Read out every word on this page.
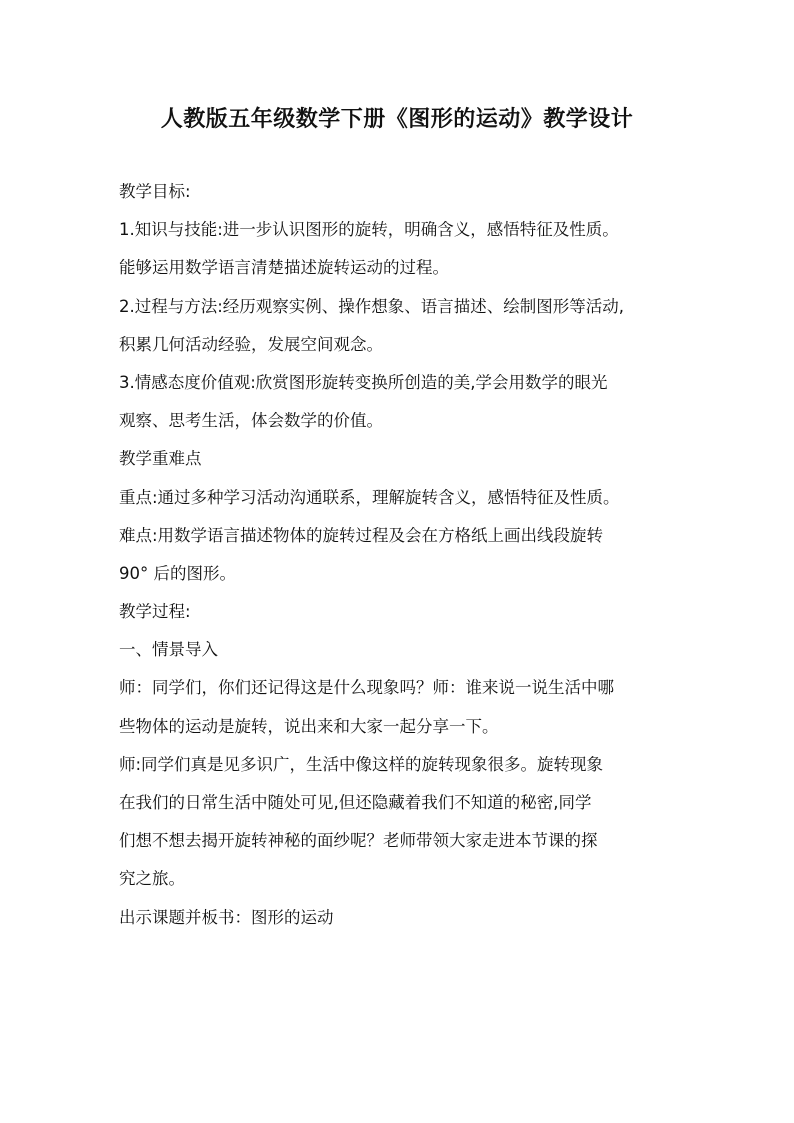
人教版五年级数学下册《图形的运动》教学设计
教学目标:
1.知识与技能:进一步认识图形的旋转，明确含义，感悟特征及性质。
能够运用数学语言清楚描述旋转运动的过程。
2.过程与方法:经历观察实例、操作想象、语言描述、绘制图形等活动,
积累几何活动经验，发展空间观念。
3.情感态度价值观:欣赏图形旋转变换所创造的美,学会用数学的眼光
观察、思考生活，体会数学的价值。
教学重难点
重点:通过多种学习活动沟通联系，理解旋转含义，感悟特征及性质。
难点:用数学语言描述物体的旋转过程及会在方格纸上画出线段旋转
90° 后的图形。
教学过程:
一、情景导入
师：同学们，你们还记得这是什么现象吗？师：谁来说一说生活中哪
些物体的运动是旋转，说出来和大家一起分享一下。
师:同学们真是见多识广，生活中像这样的旋转现象很多。旋转现象
在我们的日常生活中随处可见,但还隐藏着我们不知道的秘密,同学
们想不想去揭开旋转神秘的面纱呢？老师带领大家走进本节课的探
究之旅。
出示课题并板书：图形的运动
